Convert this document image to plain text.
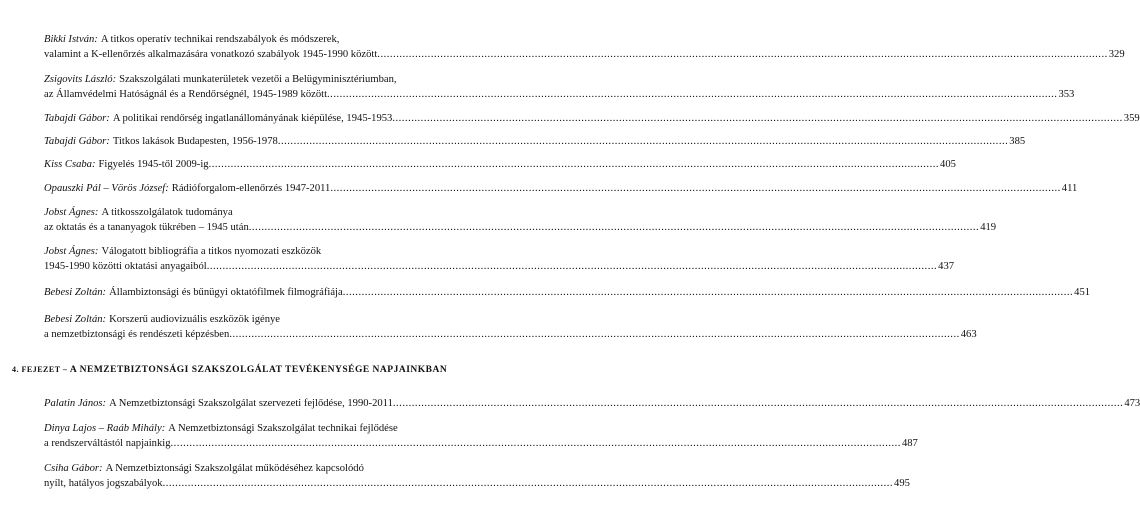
Bikki István: A titkos operatív technikai rendszabályok és módszerek,
valamint a K-ellenőrzés alkalmazására vonatkozó szabályok 1945-1990 között .....	329
Zsigovits László: Szakszolgálati munkaterületek vezetői a Belügyminisztériumban,
az Államvédelmi Hatóságnál és a Rendőrségnél, 1945-1989 között .....	353
Tabajdi Gábor: A politikai rendőrség ingatlanállományának kiépülése, 1945-1953 .....	359
Tabajdi Gábor: Titkos lakások Budapesten, 1956-1978 .....	385
Kiss Csaba: Figyelés 1945-től 2009-ig .....	405
Opauszki Pál – Vörös József: Rádióforgalom-ellenőrzés 1947-2011 .....	411
Jobst Ágnes: A titkosszolgálatok tudománya
az oktatás és a tananyagok tükrében – 1945 után .....	419
Jobst Ágnes: Válogatott bibliográfia a titkos nyomozati eszközök
1945-1990 közötti oktatási anyagaiból .....	437
Bebesi Zoltán: Állambiztonsági és bűnügyi oktatófilmek filmográfiája .....	451
Bebesi Zoltán: Korszerű audiovizuális eszközök igénye
a nemzetbiztonsági és rendészeti képzésben .....	463
Palatin János: A Nemzetbiztonsági Szakszolgálat szervezeti fejlődése, 1990-2011 .....	473
Dinya Lajos – Raáb Mihály: A Nemzetbiztonsági Szakszolgálat technikai fejlődése
a rendszerváltástól napjainkig .....	487
Csiha Gábor: A Nemzetbiztonsági Szakszolgálat működéséhez kapcsolódó
nyílt, hatályos jogszabályok .....	495
4. FEJEZET – A NEMZETBIZTONSÁGI SZAKSZOLGÁLAT TEVÉKENYSÉGE NAPJAINKBAN
